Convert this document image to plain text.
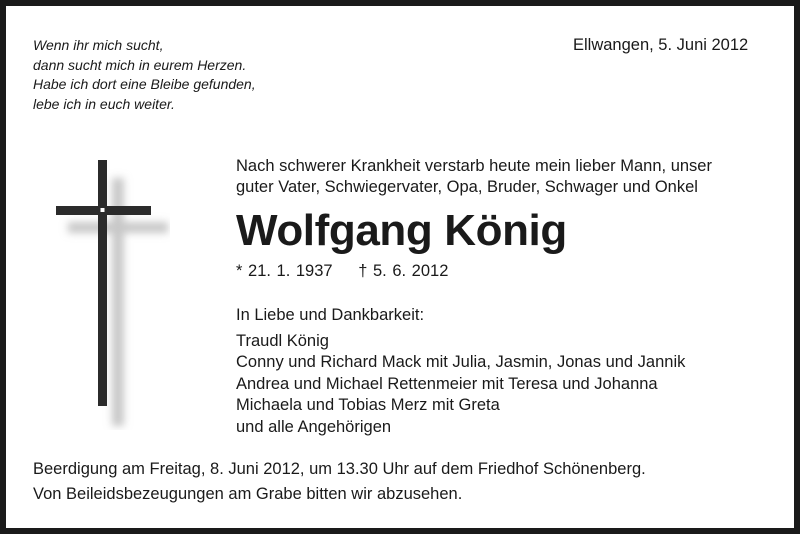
Wenn ihr mich sucht,
dann sucht mich in eurem Herzen.
Habe ich dort eine Bleibe gefunden,
lebe ich in euch weiter.
Ellwangen, 5. Juni 2012
Nach schwerer Krankheit verstarb heute mein lieber Mann, unser
guter Vater, Schwiegervater, Opa, Bruder, Schwager und Onkel
Wolfgang König
* 21. 1. 1937 † 5. 6. 2012
In Liebe und Dankbarkeit:
Traudl König
Conny und Richard Mack mit Julia, Jasmin, Jonas und Jannik
Andrea und Michael Rettenmeier mit Teresa und Johanna
Michaela und Tobias Merz mit Greta
und alle Angehörigen
Beerdigung am Freitag, 8. Juni 2012, um 13.30 Uhr auf dem Friedhof Schönenberg.
Von Beileidsbezeugungen am Grabe bitten wir abzusehen.
